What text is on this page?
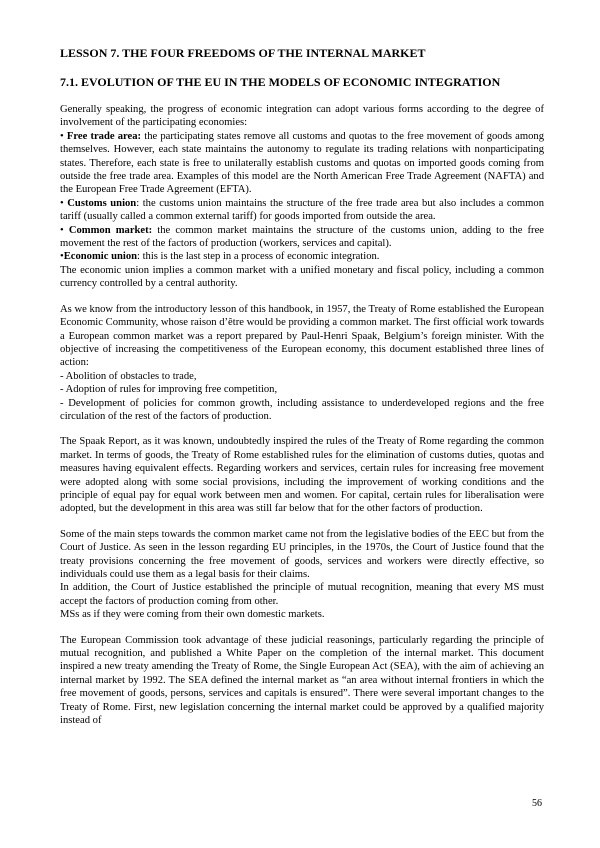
LESSON 7. THE FOUR FREEDOMS OF THE INTERNAL MARKET
7.1. EVOLUTION OF THE EU IN THE MODELS OF ECONOMIC INTEGRATION

Generally speaking, the progress of economic integration can adopt various forms according to the degree of involvement of the participating economies:

• Free trade area: the participating states remove all customs and quotas to the free movement of goods among themselves. However, each state maintains the autonomy to regulate its trading relations with nonparticipating states. Therefore, each state is free to unilaterally establish customs and quotas on imported goods coming from outside the free trade area. Examples of this model are the North American Free Trade Agreement (NAFTA) and the European Free Trade Agreement (EFTA).

• Customs union: the customs union maintains the structure of the free trade area but also includes a common tariff (usually called a common external tariff) for goods imported from outside the area.

• Common market: the common market maintains the structure of the customs union, adding to the free movement the rest of the factors of production (workers, services and capital).

•Economic union: this is the last step in a process of economic integration.

The economic union implies a common market with a unified monetary and fiscal policy, including a common currency controlled by a central authority.

As we know from the introductory lesson of this handbook, in 1957, the Treaty of Rome established the European Economic Community, whose raison d’être would be providing a common market. The first official work towards a European common market was a report prepared by Paul-Henri Spaak, Belgium’s foreign minister. With the objective of increasing the competitiveness of the European economy, this document established three lines of action:

- Abolition of obstacles to trade,

- Adoption of rules for improving free competition,

- Development of policies for common growth, including assistance to underdeveloped regions and the free circulation of the rest of the factors of production.

The Spaak Report, as it was known, undoubtedly inspired the rules of the Treaty of Rome regarding the common market. In terms of goods, the Treaty of Rome established rules for the elimination of customs duties, quotas and measures having equivalent effects. Regarding workers and services, certain rules for increasing free movement were adopted along with some social provisions, including the improvement of working conditions and the principle of equal pay for equal work between men and women. For capital, certain rules for liberalisation were adopted, but the development in this area was still far below that for the other factors of production.

Some of the main steps towards the common market came not from the legislative bodies of the EEC but from the Court of Justice. As seen in the lesson regarding EU principles, in the 1970s, the Court of Justice found that the treaty provisions concerning the free movement of goods, services and workers were directly effective, so individuals could use them as a legal basis for their claims.

In addition, the Court of Justice established the principle of mutual recognition, meaning that every MS must accept the factors of production coming from other.

MSs as if they were coming from their own domestic markets.

The European Commission took advantage of these judicial reasonings, particularly regarding the principle of mutual recognition, and published a White Paper on the completion of the internal market. This document inspired a new treaty amending the Treaty of Rome, the Single European Act (SEA), with the aim of achieving an internal market by 1992. The SEA defined the internal market as “an area without internal frontiers in which the free movement of goods, persons, services and capitals is ensured”. There were several important changes to the Treaty of Rome. First, new legislation concerning the internal market could be approved by a qualified majority instead of

56
